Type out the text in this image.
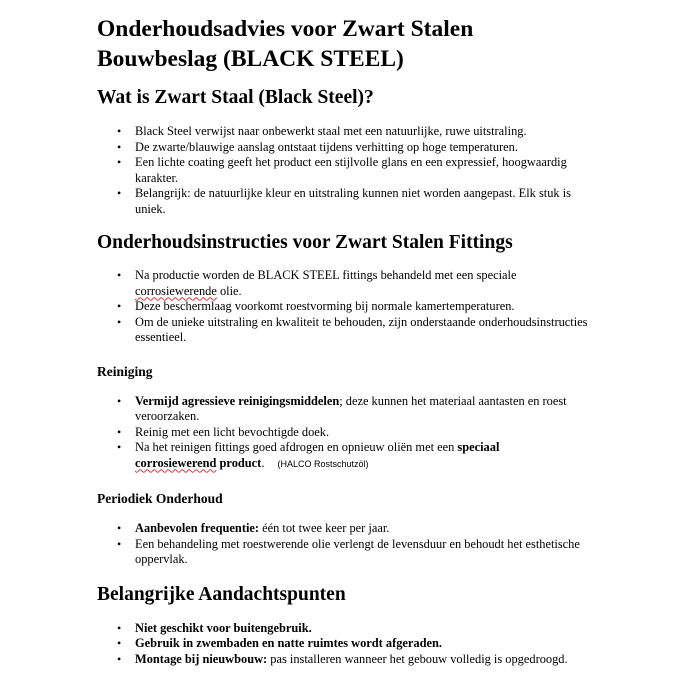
Onderhoudsadvies voor Zwart Stalen
Bouwbeslag (BLACK STEEL)
Wat is Zwart Staal (Black Steel)?
• Black Steel verwijst naar onbewerkt staal met een natuurlijke, ruwe uitstraling.
• De zwarte/blauwige aanslag ontstaat tijdens verhitting op hoge temperaturen.
• Een lichte coating geeft het product een stijlvolle glans en een expressief, hoogwaardig karakter.
• Belangrijk: de natuurlijke kleur en uitstraling kunnen niet worden aangepast. Elk stuk is uniek.
Onderhoudsinstructies voor Zwart Stalen Fittings
• Na productie worden de BLACK STEEL fittings behandeld met een speciale
corrosiewerende olie.
• Deze beschermlaag voorkomt roestvorming bij normale kamertemperaturen.
• Om de unieke uitstraling en kwaliteit te behouden, zijn onderstaande onderhoudsinstructies essentieel.
Reiniging
• Vermijd agressieve reinigingsmiddelen; deze kunnen het materiaal aantasten en roest veroorzaken.
• Reinig met een licht bevochtigde doek.
• Na het reinigen fittings goed afdrogen en opnieuw oliën met een speciaal
corrosiewerend product. (HALCO Rostschutzöl)
Periodiek Onderhoud
• Aanbevolen frequentie: één tot twee keer per jaar.
• Een behandeling met roestwerende olie verlengt de levensduur en behoudt het esthetische oppervlak.
Belangrijke Aandachtspunten
• Niet geschikt voor buitengebruik.
• Gebruik in zwembaden en natte ruimtes wordt afgeraden.
• Montage bij nieuwbouw: pas installeren wanneer het gebouw volledig is opgedroogd.
